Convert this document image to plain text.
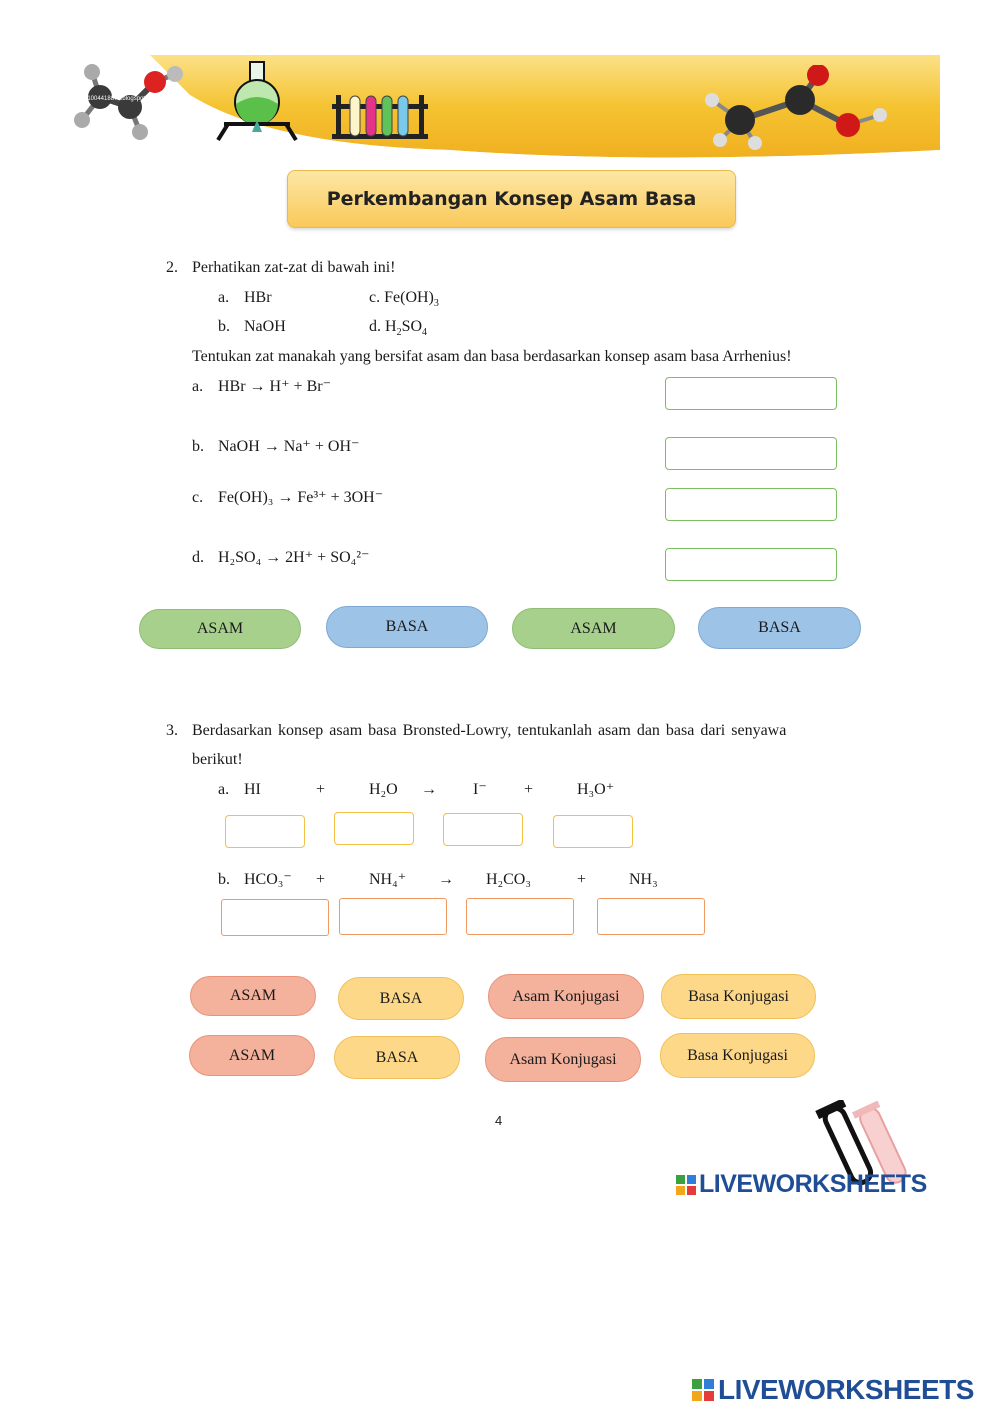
e1004418873.blogspot.com
Perkembangan Konsep Asam Basa
2. Perhatikan zat-zat di bawah ini!
a. HBr	c. $Fe(OH)_3$
b. NaOH	d. $H_2SO_4$
Tentukan zat manakah yang bersifat asam dan basa berdasarkan konsep asam basa Arrhenius!
a. HBr → H⁺ + Br⁻
b. NaOH → Na⁺ + OH⁻
c. Fe(OH)₃ → Fe³⁺ + 3OH⁻
d. H₂SO₄ → 2H⁺ + SO₄²⁻
ASAM	BASA	ASAM	BASA
3. Berdasarkan konsep asam basa Bronsted-Lowry, tentukanlah asam dan basa dari senyawa
berikut!
a. HI	+	H₂O → I⁻ +	H₃O⁺
b. HCO₃⁻ +	NH₄⁺ → H₂CO₃	+	NH₃
ASAM	BASA	Asam Konjugasi	Basa Konjugasi
ASAM	BASA	Asam Konjugasi	Basa Konjugasi
4
LIVEWORKSHEETS
LIVEWORKSHEETS
